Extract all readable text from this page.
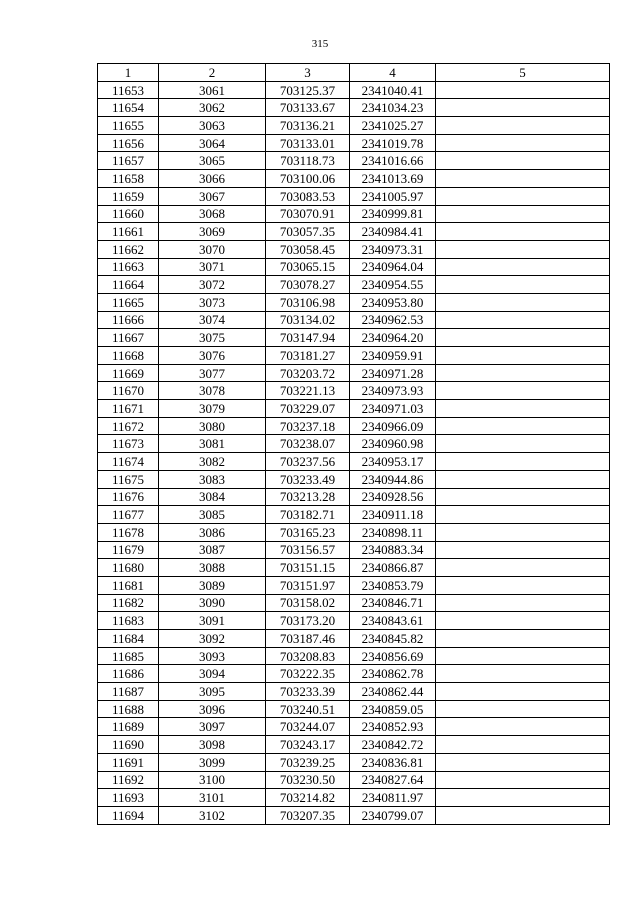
315
1	2	3	4	5
11653	3061	703125.37	2341040.41	
11654	3062	703133.67	2341034.23	
11655	3063	703136.21	2341025.27	
11656	3064	703133.01	2341019.78	
11657	3065	703118.73	2341016.66	
11658	3066	703100.06	2341013.69	
11659	3067	703083.53	2341005.97	
11660	3068	703070.91	2340999.81	
11661	3069	703057.35	2340984.41	
11662	3070	703058.45	2340973.31	
11663	3071	703065.15	2340964.04	
11664	3072	703078.27	2340954.55	
11665	3073	703106.98	2340953.80	
11666	3074	703134.02	2340962.53	
11667	3075	703147.94	2340964.20	
11668	3076	703181.27	2340959.91	
11669	3077	703203.72	2340971.28	
11670	3078	703221.13	2340973.93	
11671	3079	703229.07	2340971.03	
11672	3080	703237.18	2340966.09	
11673	3081	703238.07	2340960.98	
11674	3082	703237.56	2340953.17	
11675	3083	703233.49	2340944.86	
11676	3084	703213.28	2340928.56	
11677	3085	703182.71	2340911.18	
11678	3086	703165.23	2340898.11	
11679	3087	703156.57	2340883.34	
11680	3088	703151.15	2340866.87	
11681	3089	703151.97	2340853.79	
11682	3090	703158.02	2340846.71	
11683	3091	703173.20	2340843.61	
11684	3092	703187.46	2340845.82	
11685	3093	703208.83	2340856.69	
11686	3094	703222.35	2340862.78	
11687	3095	703233.39	2340862.44	
11688	3096	703240.51	2340859.05	
11689	3097	703244.07	2340852.93	
11690	3098	703243.17	2340842.72	
11691	3099	703239.25	2340836.81	
11692	3100	703230.50	2340827.64	
11693	3101	703214.82	2340811.97	
11694	3102	703207.35	2340799.07	
